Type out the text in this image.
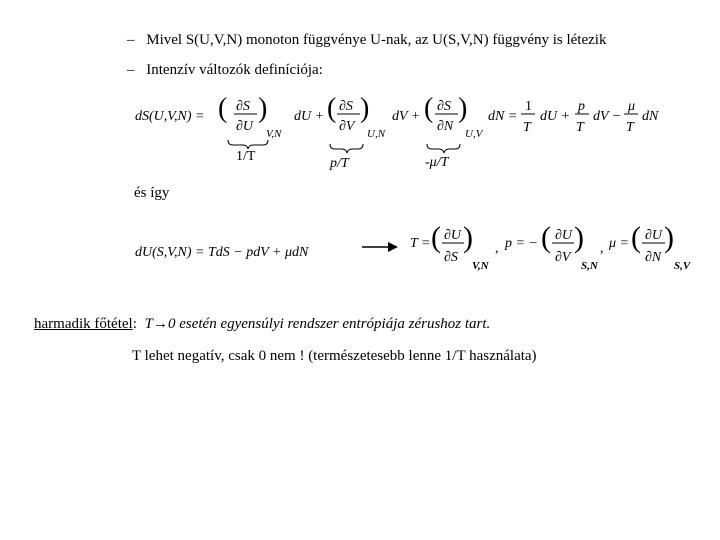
– Mivel S(U,V,N) monoton függvénye U-nak, az U(S,V,N) függvény is létezik
– Intenzív változók definíciója:
dS(U,V,N) = ( ∂S
∂U
)
V,N
dU + ( ∂S
∂V
)
U,N
dV + ( ∂S
∂N
)
U,V
dN =
1
T
dU +
p
T
dV −
μ
T
dN
1/T	p/T	-μ/T
dU(S,V,N) = TdS − pdV + μdN
T = ( ∂U
∂S
)
V,N
, p = − ( ∂U
∂V
)
S,N
, μ = ( ∂U
∂N
)
S,V
és így
harmadik főtétel: T→0 esetén egyensúlyi rendszer entrópiája zérushoz tart.
T lehet negatív, csak 0 nem ! (természetesebb lenne 1/T használata)
